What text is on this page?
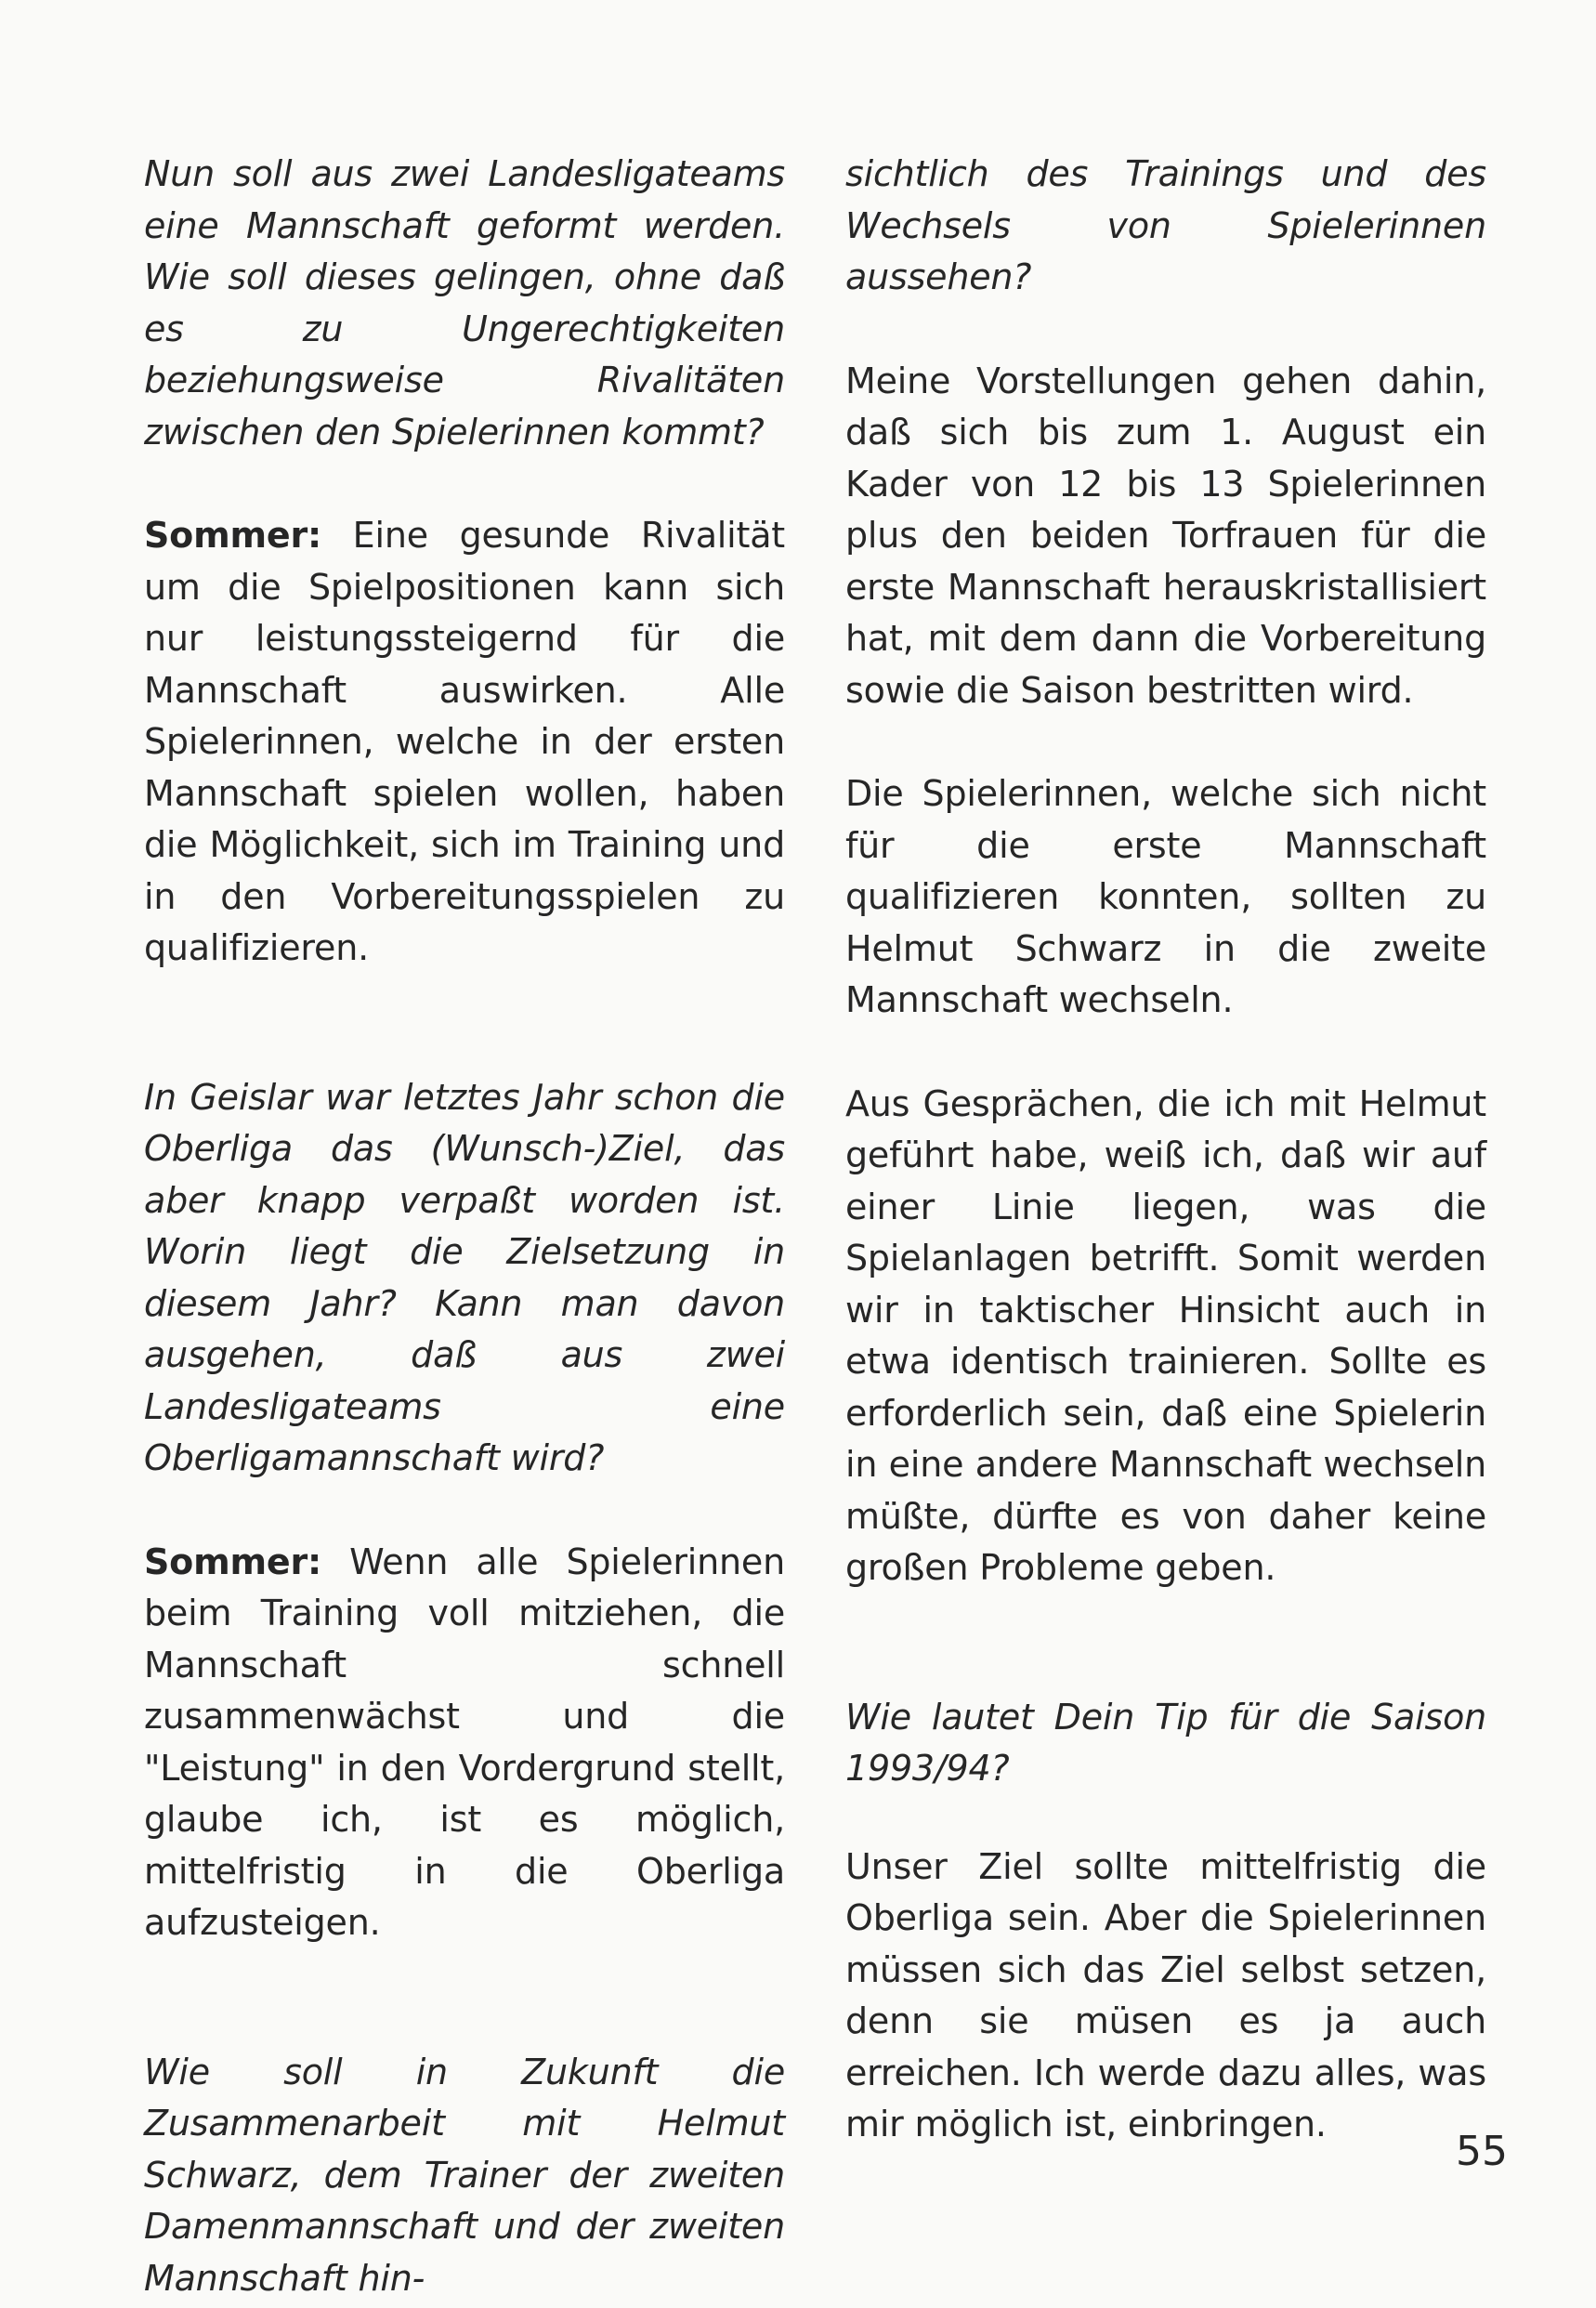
Nun soll aus zwei Landesligateams eine Mannschaft geformt werden. Wie soll dieses gelingen, ohne daß es zu Ungerechtigkeiten beziehungsweise Rivalitäten zwischen den Spielerinnen kommt?

Sommer: Eine gesunde Rivalität um die Spielpositionen kann sich nur leistungssteigernd für die Mannschaft auswirken. Alle Spielerinnen, welche in der ersten Mannschaft spielen wollen, haben die Möglichkeit, sich im Training und in den Vorbereitungsspielen zu qualifizieren.

In Geislar war letztes Jahr schon die Oberliga das (Wunsch-)Ziel, das aber knapp verpaßt worden ist. Worin liegt die Zielsetzung in diesem Jahr? Kann man davon ausgehen, daß aus zwei Landesligateams eine Oberligamannschaft wird?

Sommer: Wenn alle Spielerinnen beim Training voll mitziehen, die Mannschaft schnell zusammenwächst und die "Leistung" in den Vordergrund stellt, glaube ich, ist es möglich, mittelfristig in die Oberliga aufzusteigen.

Wie soll in Zukunft die Zusammenarbeit mit Helmut Schwarz, dem Trainer der zweiten Damenmannschaft und der zweiten Mannschaft hin-

sichtlich des Trainings und des Wechsels von Spielerinnen aussehen?

Meine Vorstellungen gehen dahin, daß sich bis zum 1. August ein Kader von 12 bis 13 Spielerinnen plus den beiden Torfrauen für die erste Mannschaft herauskristallisiert hat, mit dem dann die Vorbereitung sowie die Saison bestritten wird.

Die Spielerinnen, welche sich nicht für die erste Mannschaft qualifizieren konnten, sollten zu Helmut Schwarz in die zweite Mannschaft wechseln.

Aus Gesprächen, die ich mit Helmut geführt habe, weiß ich, daß wir auf einer Linie liegen, was die Spielanlagen betrifft. Somit werden wir in taktischer Hinsicht auch in etwa identisch trainieren. Sollte es erforderlich sein, daß eine Spielerin in eine andere Mannschaft wechseln müßte, dürfte es von daher keine großen Probleme geben.

Wie lautet Dein Tip für die Saison 1993/94?

Unser Ziel sollte mittelfristig die Oberliga sein. Aber die Spielerinnen müssen sich das Ziel selbst setzen, denn sie müsen es ja auch erreichen. Ich werde dazu alles, was mir möglich ist, einbringen.

55
